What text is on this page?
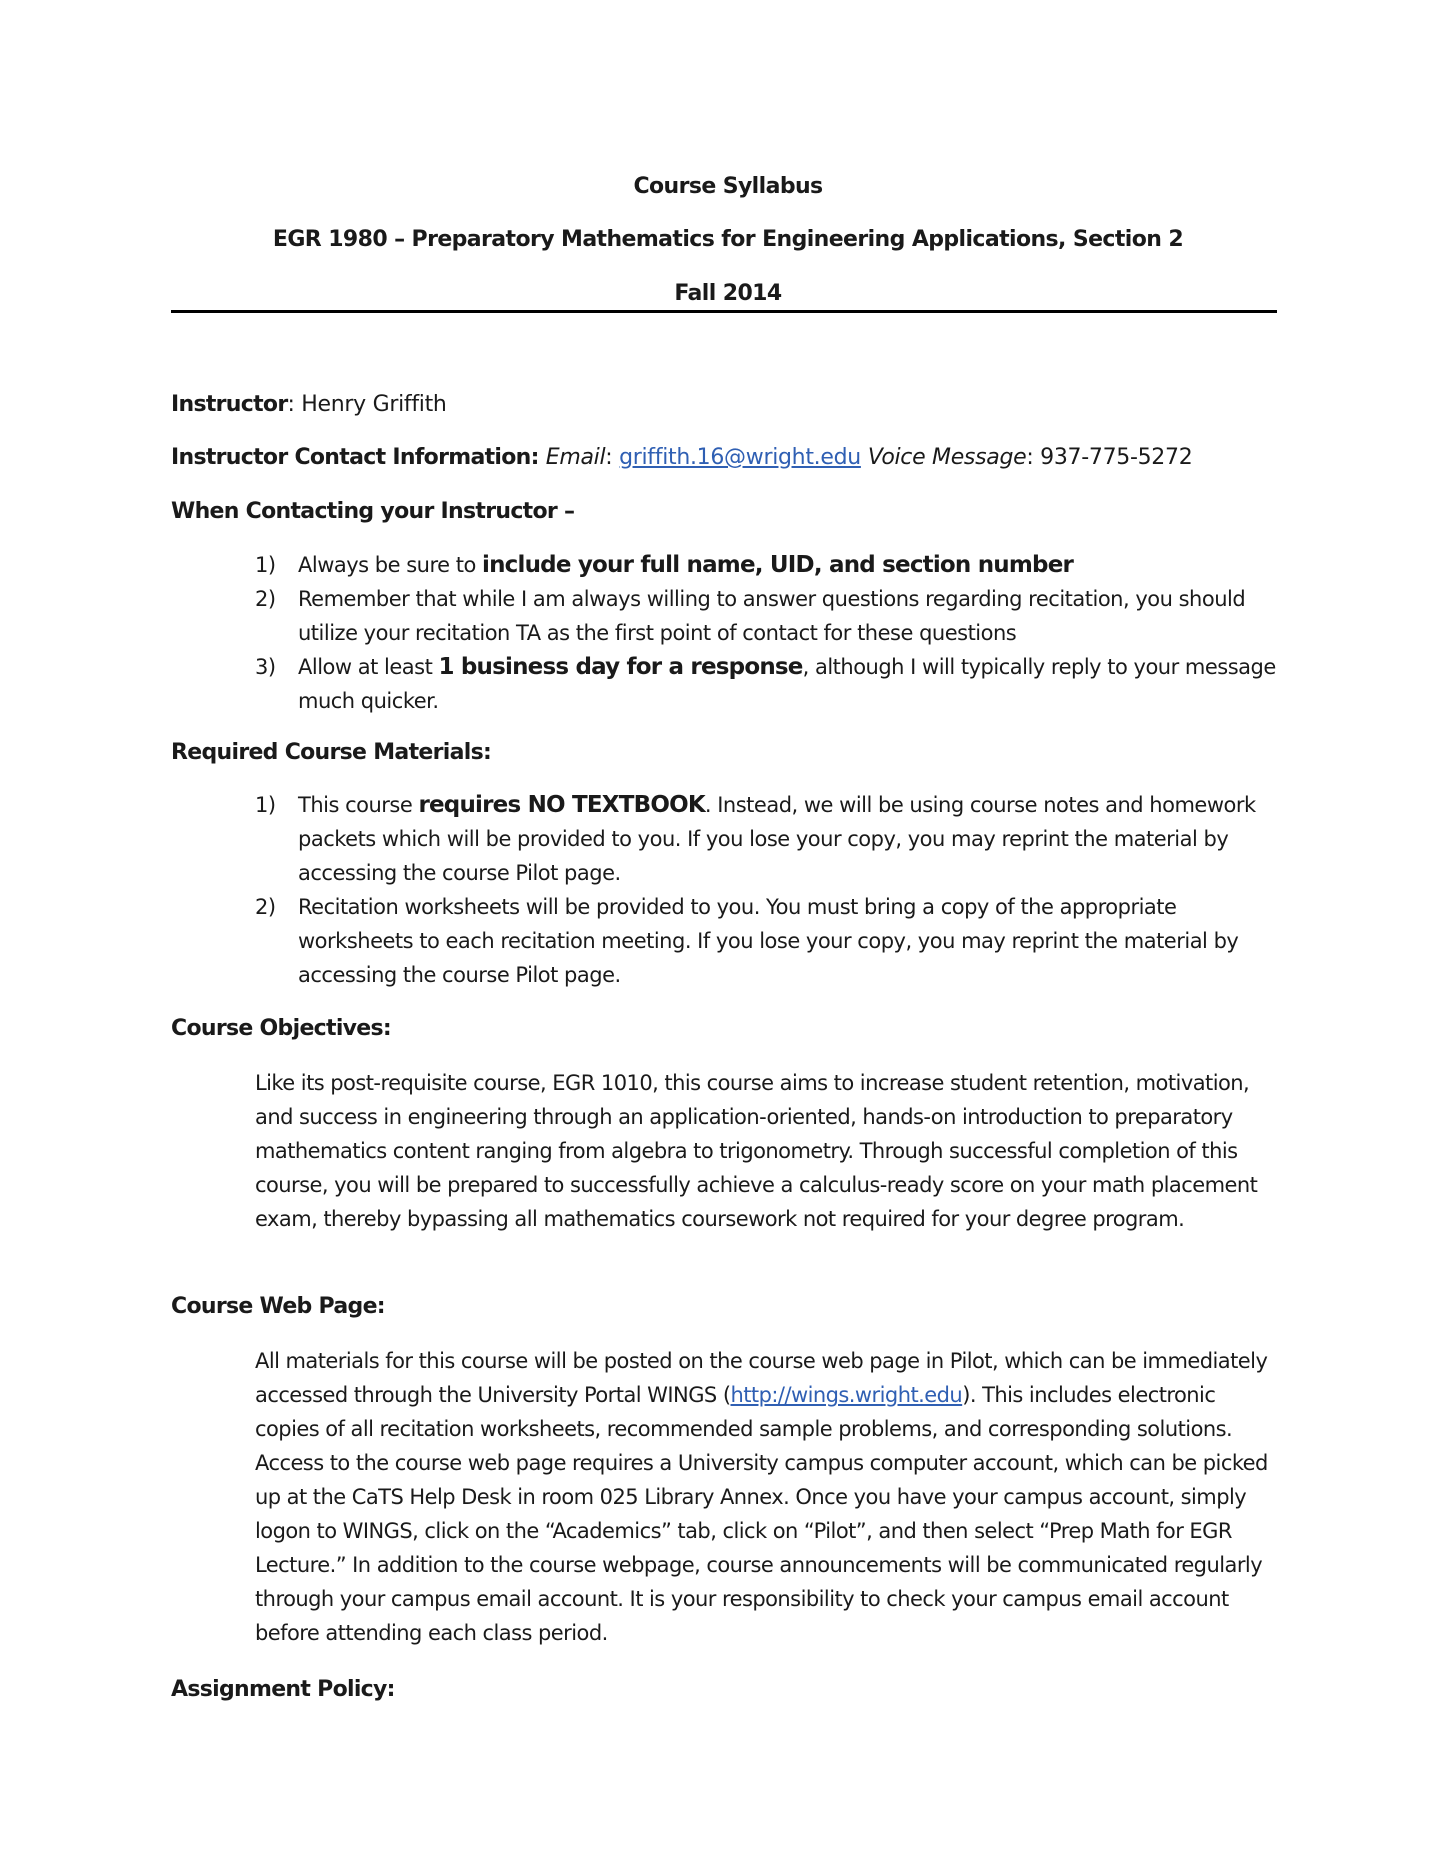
Course Syllabus
EGR 1980 – Preparatory Mathematics for Engineering Applications, Section 2
Fall 2014
Instructor: Henry Griffith
Instructor Contact Information: Email: griffith.16@wright.edu Voice Message: 937-775-5272
When Contacting your Instructor –
1) Always be sure to include your full name, UID, and section number
2) Remember that while I am always willing to answer questions regarding recitation, you should utilize your recitation TA as the first point of contact for these questions
3) Allow at least 1 business day for a response, although I will typically reply to your message much quicker.
Required Course Materials:
1) This course requires NO TEXTBOOK. Instead, we will be using course notes and homework packets which will be provided to you. If you lose your copy, you may reprint the material by accessing the course Pilot page.
2) Recitation worksheets will be provided to you. You must bring a copy of the appropriate worksheets to each recitation meeting. If you lose your copy, you may reprint the material by accessing the course Pilot page.
Course Objectives:

Like its post-requisite course, EGR 1010, this course aims to increase student retention, motivation, and success in engineering through an application-oriented, hands-on introduction to preparatory mathematics content ranging from algebra to trigonometry. Through successful completion of this course, you will be prepared to successfully achieve a calculus-ready score on your math placement exam, thereby bypassing all mathematics coursework not required for your degree program.

Course Web Page:

All materials for this course will be posted on the course web page in Pilot, which can be immediately accessed through the University Portal WINGS (http://wings.wright.edu). This includes electronic copies of all recitation worksheets, recommended sample problems, and corresponding solutions. Access to the course web page requires a University campus computer account, which can be picked up at the CaTS Help Desk in room 025 Library Annex. Once you have your campus account, simply logon to WINGS, click on the “Academics” tab, click on “Pilot”, and then select “Prep Math for EGR Lecture.” In addition to the course webpage, course announcements will be communicated regularly through your campus email account. It is your responsibility to check your campus email account before attending each class period.

Assignment Policy:
